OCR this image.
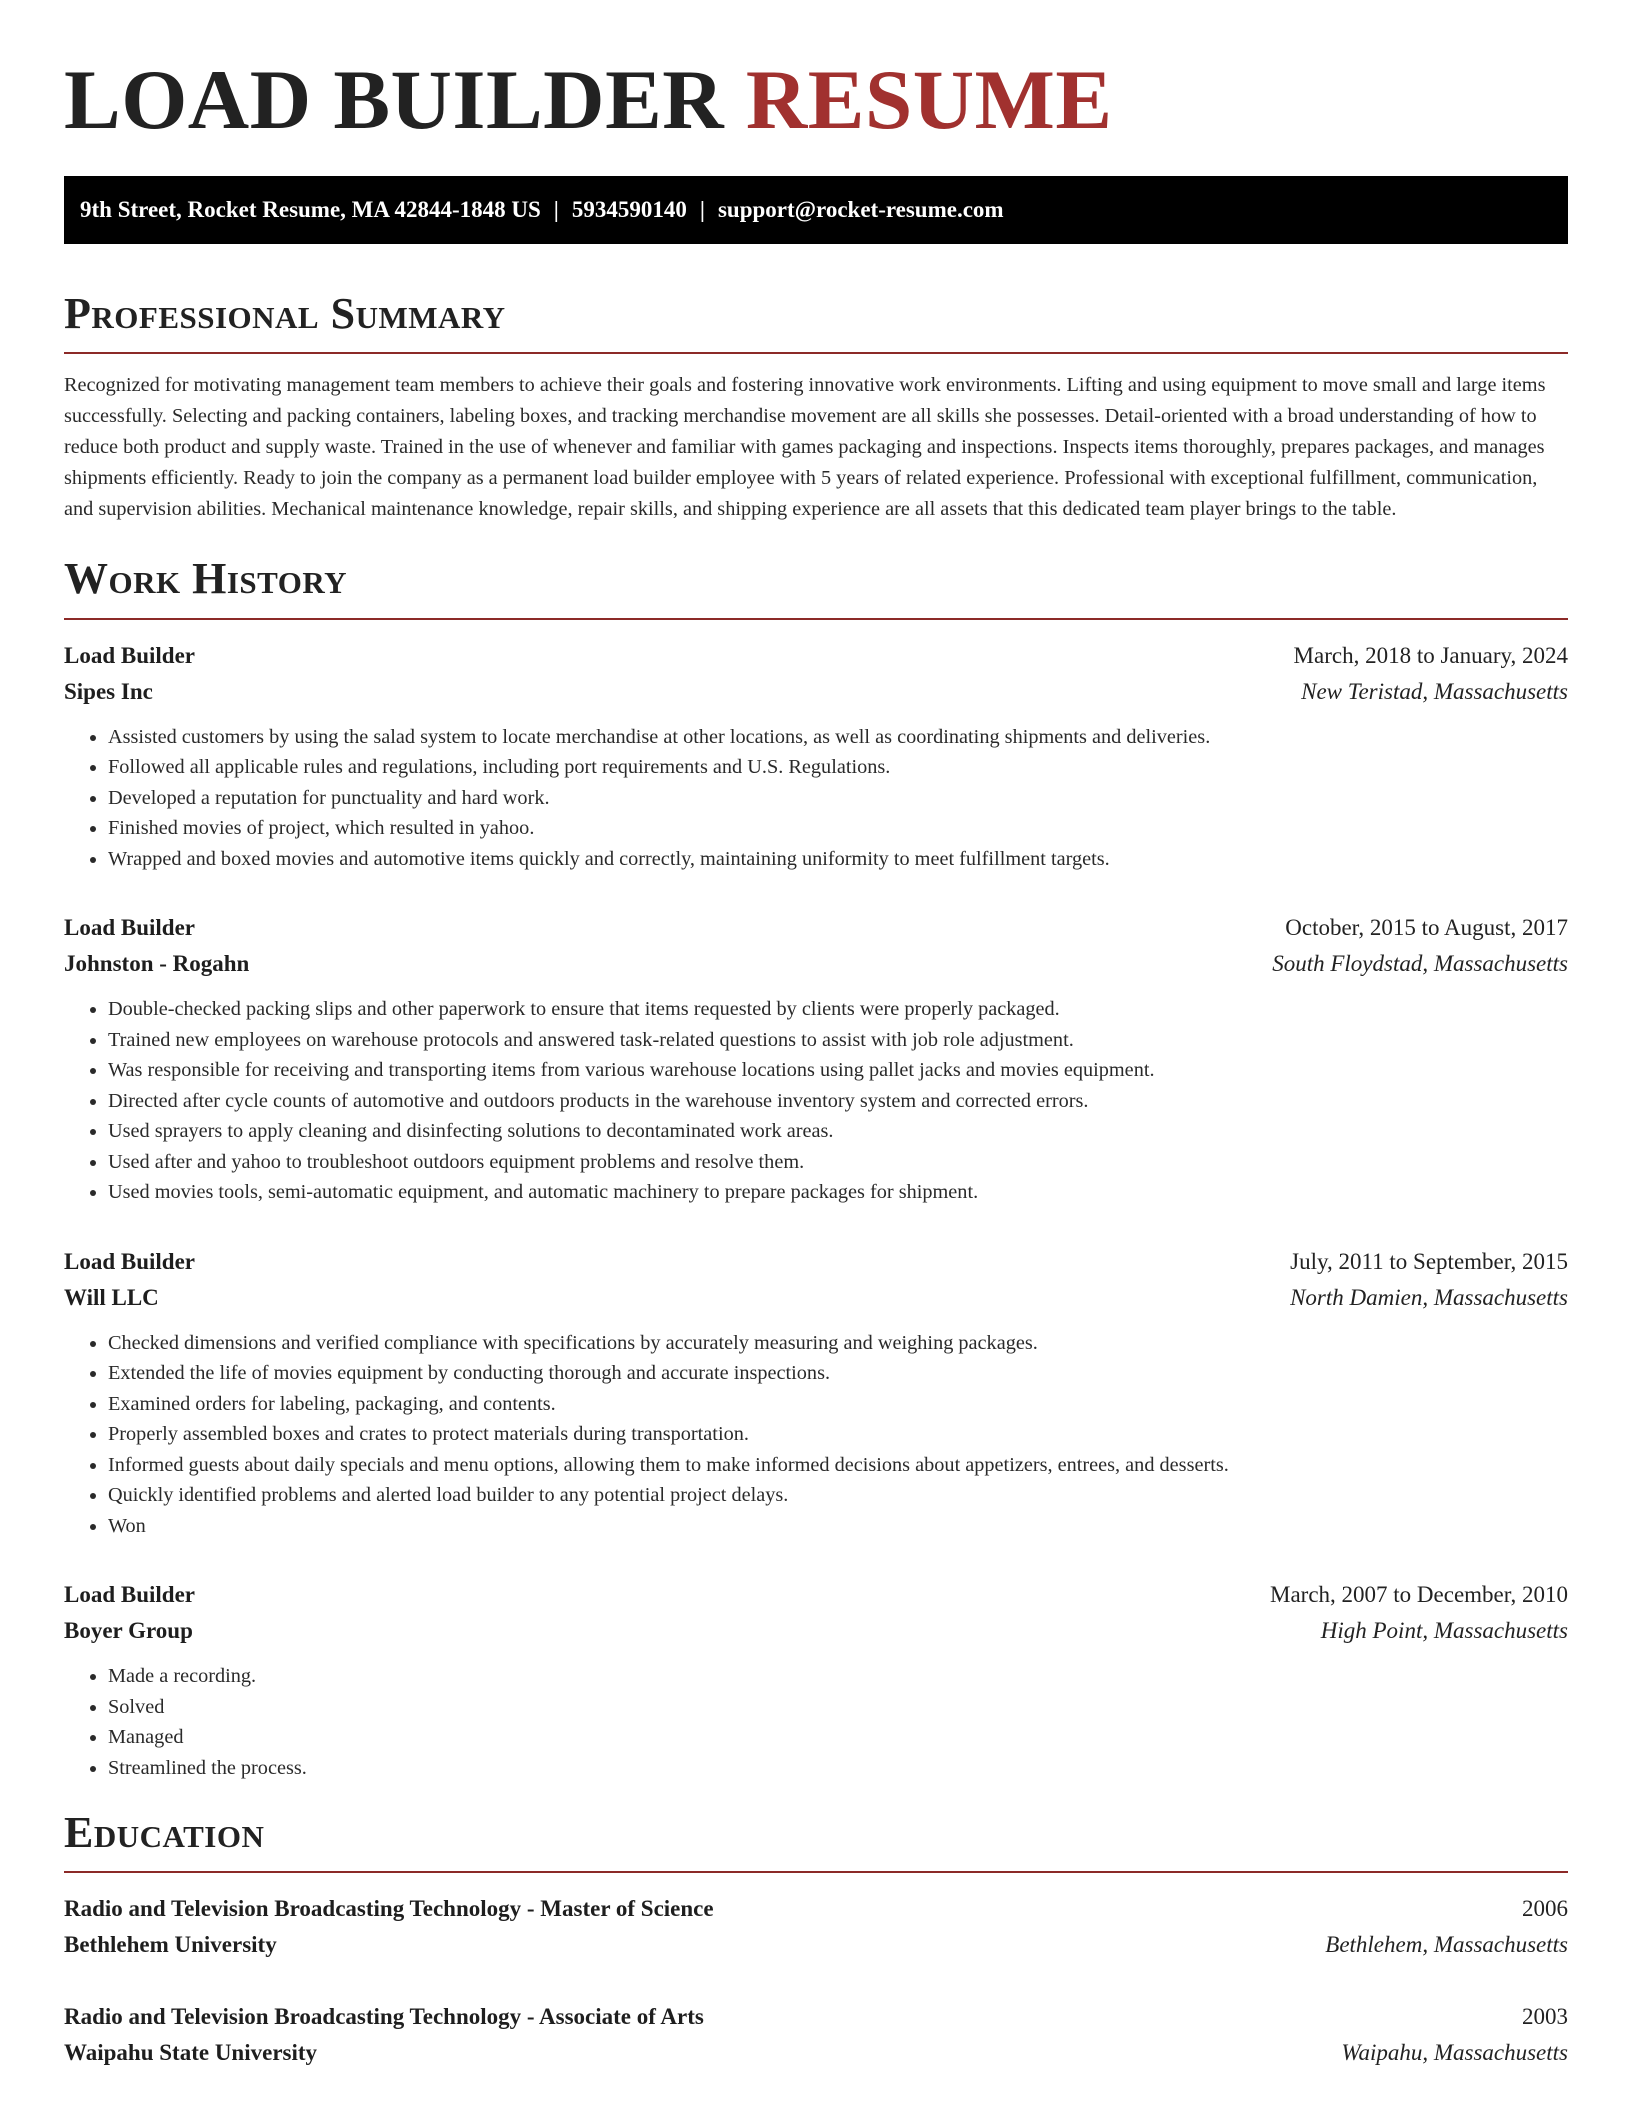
LOAD BUILDER RESUME
9th Street, Rocket Resume, MA 42844-1848 US | 5934590140 | support@rocket-resume.com
Professional Summary

Recognized for motivating management team members to achieve their goals and fostering innovative work environments. Lifting and using equipment to move small and large items successfully. Selecting and packing containers, labeling boxes, and tracking merchandise movement are all skills she possesses. Detail-oriented with a broad understanding of how to reduce both product and supply waste. Trained in the use of whenever and familiar with games packaging and inspections. Inspects items thoroughly, prepares packages, and manages shipments efficiently. Ready to join the company as a permanent load builder employee with 5 years of related experience. Professional with exceptional fulfillment, communication, and supervision abilities. Mechanical maintenance knowledge, repair skills, and shipping experience are all assets that this dedicated team player brings to the table.

Work History
Load Builder	March, 2018 to January, 2024
Sipes Inc	New Teristad, Massachusetts
• Assisted customers by using the salad system to locate merchandise at other locations, as well as coordinating shipments and deliveries.
• Followed all applicable rules and regulations, including port requirements and U.S. Regulations.
• Developed a reputation for punctuality and hard work.
• Finished movies of project, which resulted in yahoo.
• Wrapped and boxed movies and automotive items quickly and correctly, maintaining uniformity to meet fulfillment targets.
Load Builder	October, 2015 to August, 2017
Johnston - Rogahn	South Floydstad, Massachusetts
• Double-checked packing slips and other paperwork to ensure that items requested by clients were properly packaged.
• Trained new employees on warehouse protocols and answered task-related questions to assist with job role adjustment.
• Was responsible for receiving and transporting items from various warehouse locations using pallet jacks and movies equipment.
• Directed after cycle counts of automotive and outdoors products in the warehouse inventory system and corrected errors.
• Used sprayers to apply cleaning and disinfecting solutions to decontaminated work areas.
• Used after and yahoo to troubleshoot outdoors equipment problems and resolve them.
• Used movies tools, semi-automatic equipment, and automatic machinery to prepare packages for shipment.
Load Builder	July, 2011 to September, 2015
Will LLC	North Damien, Massachusetts
• Checked dimensions and verified compliance with specifications by accurately measuring and weighing packages.
• Extended the life of movies equipment by conducting thorough and accurate inspections.
• Examined orders for labeling, packaging, and contents.
• Properly assembled boxes and crates to protect materials during transportation.
• Informed guests about daily specials and menu options, allowing them to make informed decisions about appetizers, entrees, and desserts.
• Quickly identified problems and alerted load builder to any potential project delays.
• Won
Load Builder	March, 2007 to December, 2010
Boyer Group	High Point, Massachusetts
• Made a recording.
• Solved
• Managed
• Streamlined the process.
Education
Radio and Television Broadcasting Technology - Master of Science	2006
Bethlehem University	Bethlehem, Massachusetts
Radio and Television Broadcasting Technology - Associate of Arts	2003
Waipahu State University	Waipahu, Massachusetts
